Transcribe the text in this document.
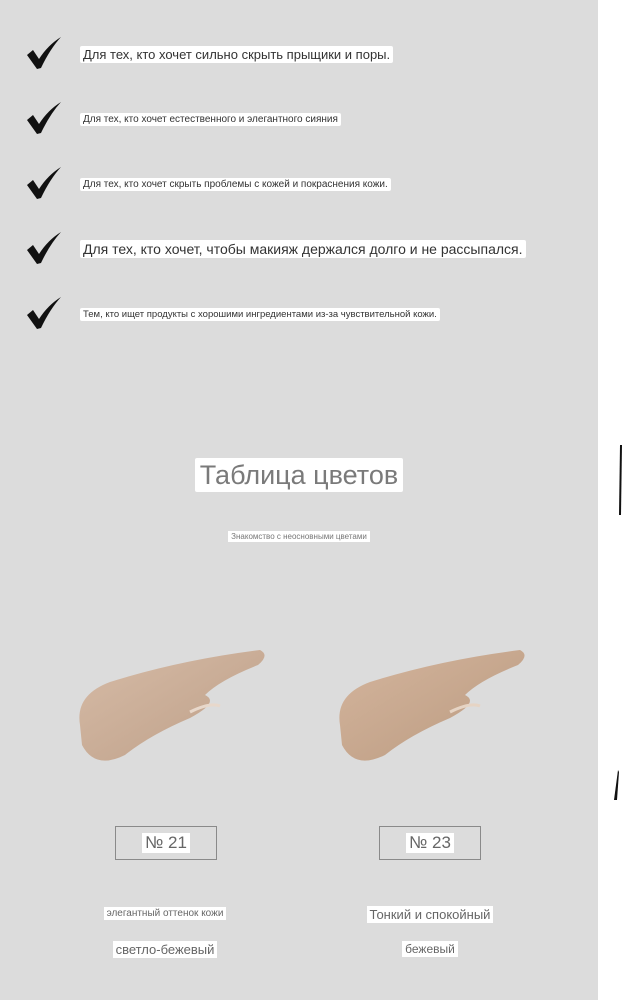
Для тех, кто хочет сильно скрыть прыщики и поры.
Для тех, кто хочет естественного и элегантного сияния
Для тех, кто хочет скрыть проблемы с кожей и покраснения кожи.
Для тех, кто хочет, чтобы макияж держался долго и не рассыпался.
Тем, кто ищет продукты с хорошими ингредиентами из-за чувствительной кожи.
Таблица цветов
Знакомство с неосновными цветами
№ 21	№ 23
элегантный оттенок кожи
светло-бежевый
Тонкий и спокойный
бежевый
